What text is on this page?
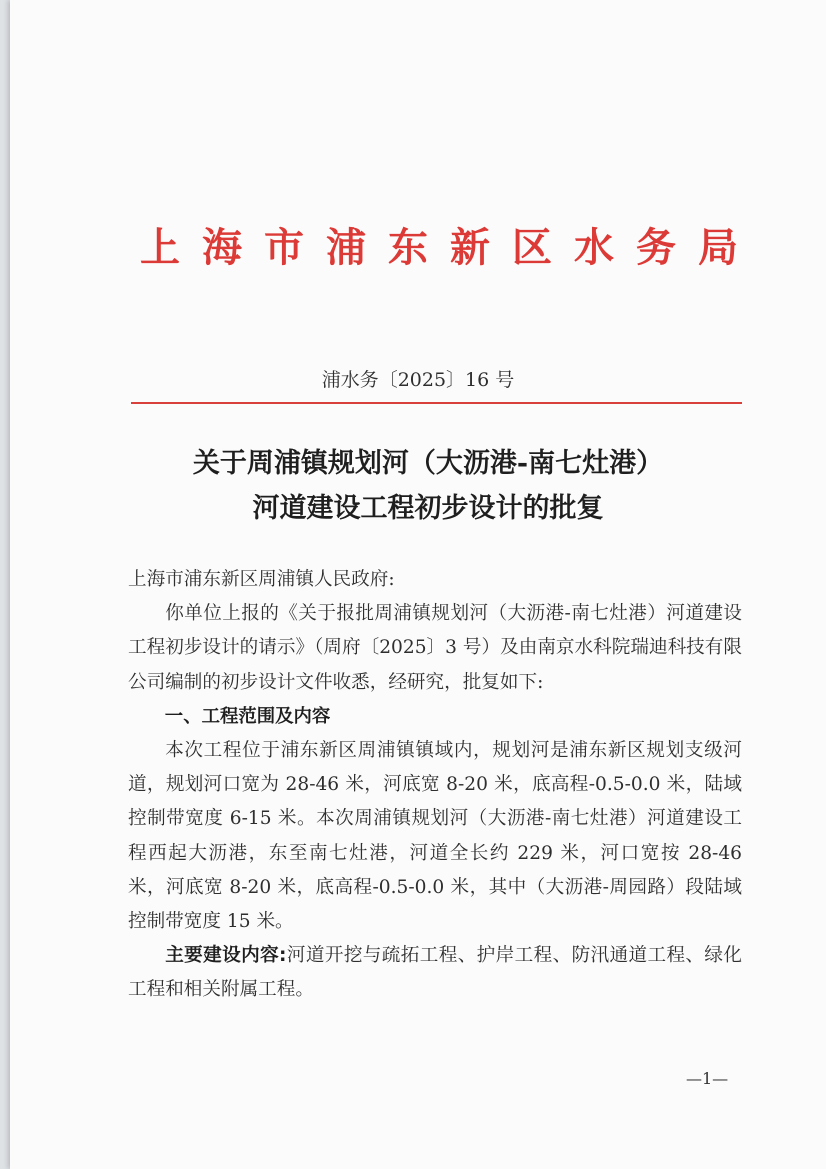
上海市浦东新区水务局
浦水务〔2025〕16 号
关于周浦镇规划河（大沥港-南七灶港）
河道建设工程初步设计的批复

上海市浦东新区周浦镇人民政府:

你单位上报的《关于报批周浦镇规划河（大沥港-南七灶港）河道建设工程初步设计的请示》（周府〔2025〕3 号）及由南京水科院瑞迪科技有限公司编制的初步设计文件收悉，经研究，批复如下:

一、工程范围及内容

本次工程位于浦东新区周浦镇镇域内，规划河是浦东新区规划支级河道，规划河口宽为 28-46 米，河底宽 8-20 米，底高程-0.5-0.0 米，陆域控制带宽度 6-15 米。本次周浦镇规划河（大沥港-南七灶港）河道建设工程西起大沥港，东至南七灶港，河道全长约 229 米，河口宽按 28-46 米，河底宽 8-20 米，底高程-0.5-0.0 米，其中（大沥港-周园路）段陆域控制带宽度 15 米。

主要建设内容:河道开挖与疏拓工程、护岸工程、防汛通道工程、绿化工程和相关附属工程。

—1—
